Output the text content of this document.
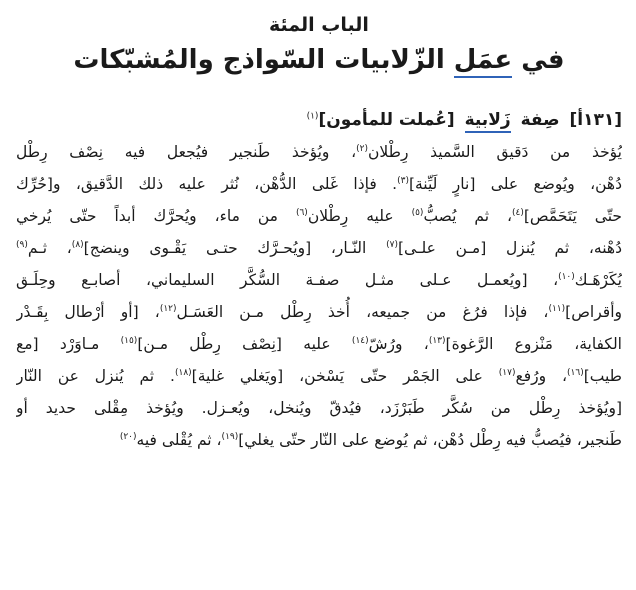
الباب المئة
في عمَل الزّلابيات السّواذج والمُشبّكات
[١٣١أ] صِفة زَلابية [عُملت للمأمون]$^{(١)}$
يُؤخذ من دَقيق السَّميذ رِطْلان$^{(٢)}$، ويُؤخذ طَنجير فيُجعل فيه نِصْف رِطْل
دُهْن، ويُوضع على [نارٍ لَيِّنة]$^{(٣)}$. فإذا غَلى الدُّهْن، نُثر عليه ذلك الدَّقيق، و[حُرِّك
حتّى يَتَحَمَّص]$^{(٤)}$، ثم يُصبُّ$^{(٥)}$ عليه رِطْلان$^{(٦)}$ من ماء، ويُحرَّك أبداً حتّى يُرخي
دُهْنه، ثم يُنزل [مـن علـى]$^{(٧)}$ النّـار، [ويُحـرَّك حتـى يَقْـوى وينضج]$^{(٨)}$، ثـم$^{(٩)}$
يُكَرْهَـك$^{(١٠)}$، [ويُعمـل عـلى مثـل صفـة السُّكَّر السليماني، أصابـع وحِلَـق
وأقراص]$^{(١١)}$، فإذا فرُغ من جميعه، أُخذ رِطْل مـن العَسَـل$^{(١٢)}$، [أو أرْطال بِقَـدْر
الكفاية، مَنْزوع الرَّغوة]$^{(١٣)}$، ورُشّ$^{(١٤)}$ عليه [نِصْف رِطْل مـن]$^{(١٥)}$ مـاوَرْد [مع
طيب]$^{(١٦)}$، ورُفع$^{(١٧)}$ على الجَمْر حتّى يَسْخن، [ويَغلي غلية]$^{(١٨)}$. ثم يُنزل عن النّار
[ويُؤخذ رِطْل من سُكَّر طَبَرْزَد، فيُدقّ ويُنخل، ويُعـزل. ويُؤخذ مِقْلى حديد أو
طَنجير، فيُصبُّ فيه رِطْل دُهْن، ثم يُوضع على النّار حتّى يغلي]$^{(١٩)}$، ثم يُقْلى فيه$^{(٢٠)}$
